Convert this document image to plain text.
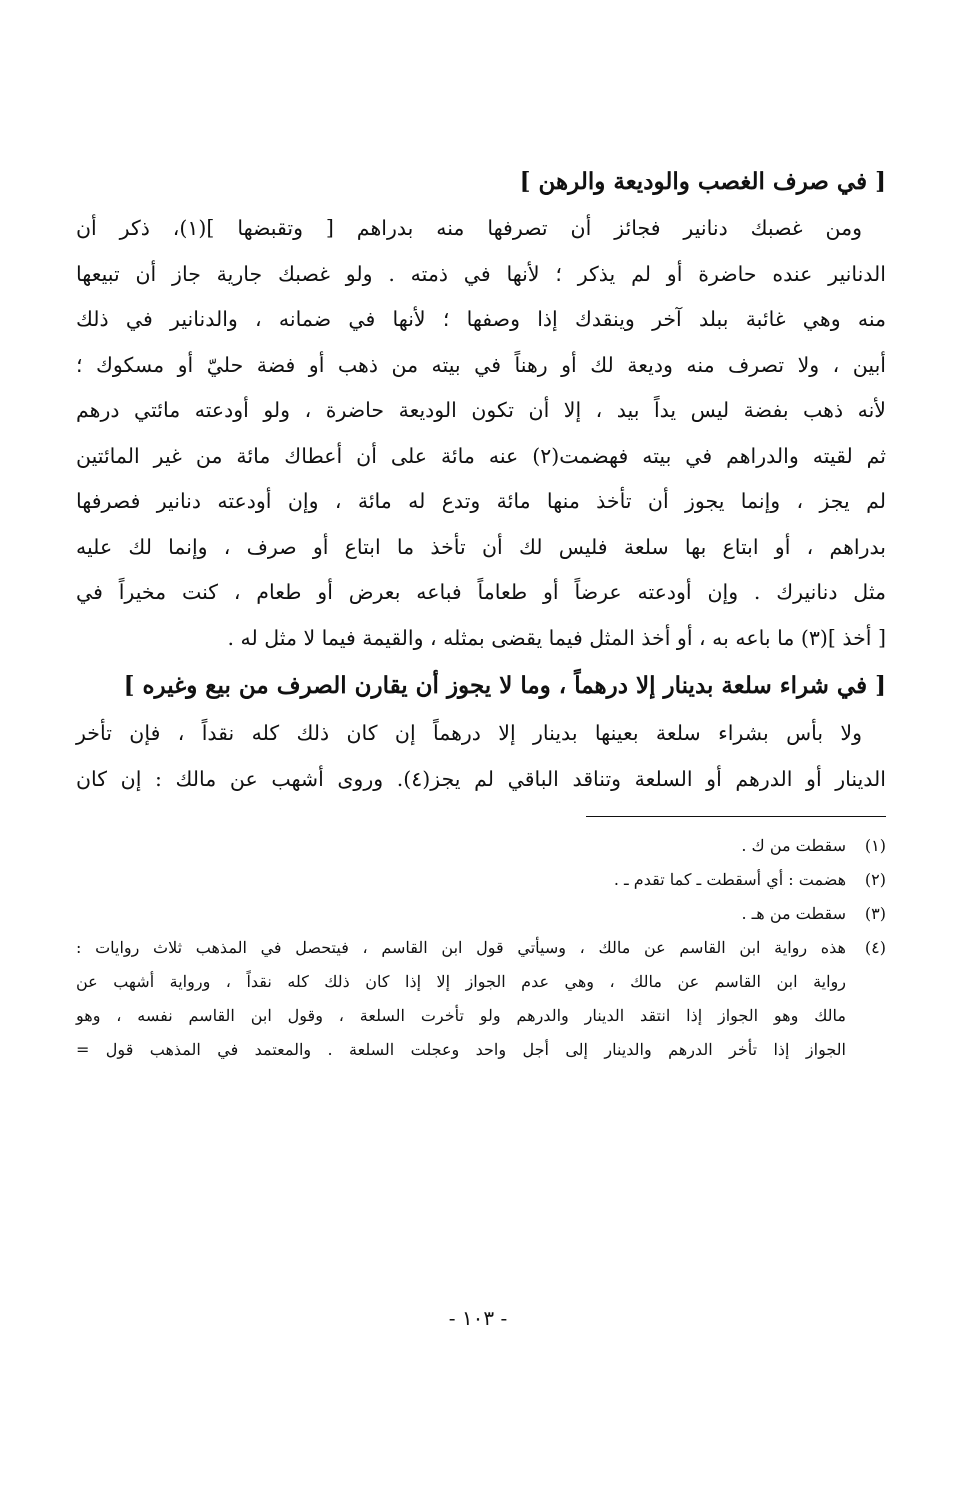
[ في صرف الغصب والوديعة والرهن ]

ومن غصبك دنانير فجائز أن تصرفها منه بدراهم [ وتقبضها ](١)، ذكر أن

الدنانير عنده حاضرة أو لم يذكر ؛ لأنها في ذمته . ولو غصبك جارية جاز أن تبيعها

منه وهي غائبة ببلد آخر وينقدك إذا وصفها ؛ لأنها في ضمانه ، والدنانير في ذلك

أبين ، ولا تصرف منه وديعة لك أو رهناً في بيته من ذهب أو فضة حليّ أو مسكوك ؛

لأنه ذهب بفضة ليس يداً بيد ، إلا أن تكون الوديعة حاضرة ، ولو أودعته مائتي درهم

ثم لقيته والدراهم في بيته فهضمت(٢) عنه مائة على أن أعطاك مائة من غير المائتين

لم يجز ، وإنما يجوز أن تأخذ منها مائة وتدع له مائة ، وإن أودعته دنانير فصرفها

بدراهم ، أو ابتاع بها سلعة فليس لك أن تأخذ ما ابتاع أو صرف ، وإنما لك عليه

مثل دنانيرك . وإن أودعته عرضاً أو طعاماً فباعه بعرض أو طعام ، كنت مخيراً في

[ أخذ ](٣) ما باعه به ، أو أخذ المثل فيما يقضى بمثله ، والقيمة فيما لا مثل له .

[ في شراء سلعة بدينار إلا درهماً ، وما لا يجوز أن يقارن الصرف من بيع وغيره ]

ولا بأس بشراء سلعة بعينها بدينار إلا درهماً إن كان ذلك كله نقداً ، فإن تأخر

الدينار أو الدرهم أو السلعة وتناقد الباقي لم يجز(٤). وروى أشهب عن مالك : إن كان

(١)
سقطت من ك .
(٢)
هضمت : أي أسقطت ـ كما تقدم ـ .
(٣)
سقطت من هـ .
(٤)
هذه رواية ابن القاسم عن مالك ، وسيأتي قول ابن القاسم ، فيتحصل في المذهب ثلاث روايات :
رواية ابن القاسم عن مالك ، وهي عدم الجواز إلا إذا كان ذلك كله نقداً ، ورواية أشهب عن
مالك وهو الجواز إذا انتقد الدينار والدرهم ولو تأخرت السلعة ، وقول ابن القاسم نفسه ، وهو
الجواز إذا تأخر الدرهم والدينار إلى أجل واحد وعجلت السلعة . والمعتمد في المذهب قول =
- ١٠٣ -
